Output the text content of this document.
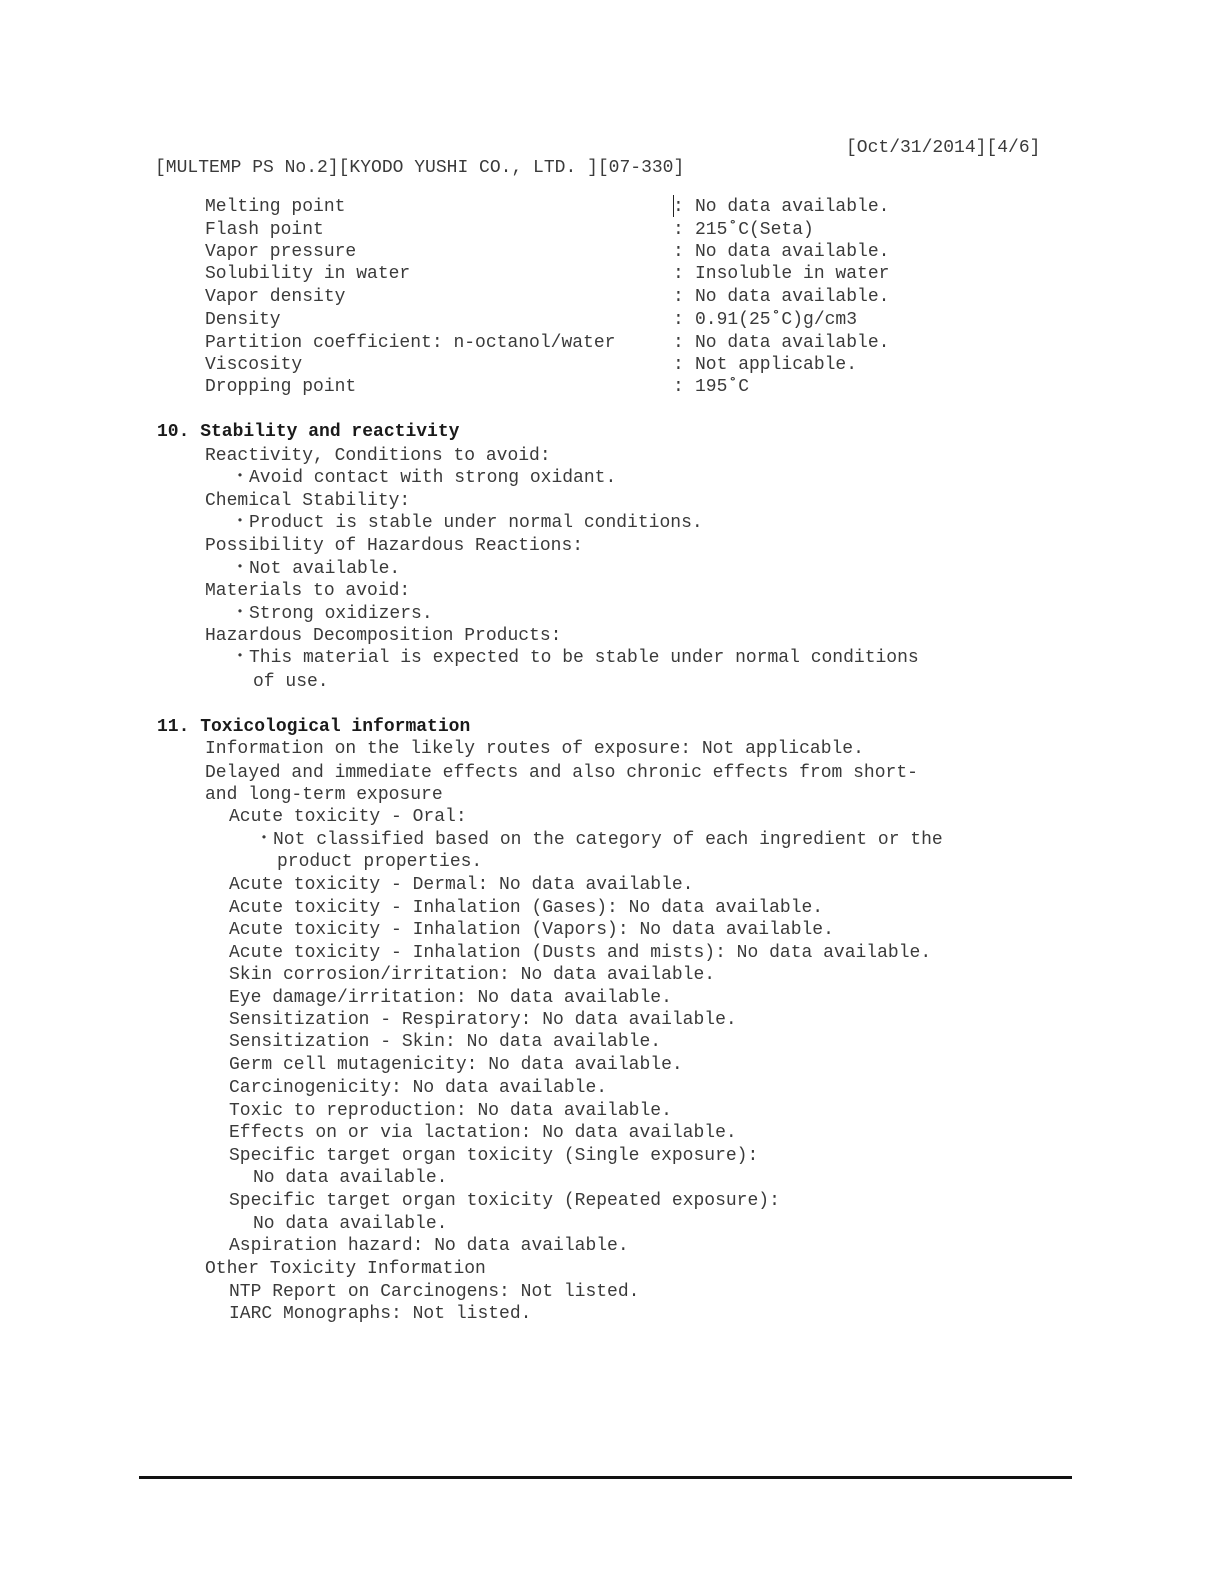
[Oct/31/2014][4/6]
[MULTEMP PS No.2][KYODO YUSHI CO., LTD. ][07-330]
Melting point	: No data available.
Flash point	: 215˚C(Seta)
Vapor pressure	: No data available.
Solubility in water	: Insoluble in water
Vapor density	: No data available.
Density	: 0.91(25˚C)g/cm3
Partition coefficient: n-octanol/water	: No data available.
Viscosity	: Not applicable.
Dropping point	: 195˚C
10. Stability and reactivity
Reactivity, Conditions to avoid:
・Avoid contact with strong oxidant.
Chemical Stability:
・Product is stable under normal conditions.
Possibility of Hazardous Reactions:
・Not available.
Materials to avoid:
・Strong oxidizers.
Hazardous Decomposition Products:
・This material is expected to be stable under normal conditions
of use.
11. Toxicological information
Information on the likely routes of exposure: Not applicable.
Delayed and immediate effects and also chronic effects from short-
and long-term exposure
Acute toxicity - Oral:
・Not classified based on the category of each ingredient or the
product properties.
Acute toxicity - Dermal: No data available.
Acute toxicity - Inhalation (Gases): No data available.
Acute toxicity - Inhalation (Vapors): No data available.
Acute toxicity - Inhalation (Dusts and mists): No data available.
Skin corrosion/irritation: No data available.
Eye damage/irritation: No data available.
Sensitization - Respiratory: No data available.
Sensitization - Skin: No data available.
Germ cell mutagenicity: No data available.
Carcinogenicity: No data available.
Toxic to reproduction: No data available.
Effects on or via lactation: No data available.
Specific target organ toxicity (Single exposure):
No data available.
Specific target organ toxicity (Repeated exposure):
No data available.
Aspiration hazard: No data available.
Other Toxicity Information
NTP Report on Carcinogens: Not listed.
IARC Monographs: Not listed.
